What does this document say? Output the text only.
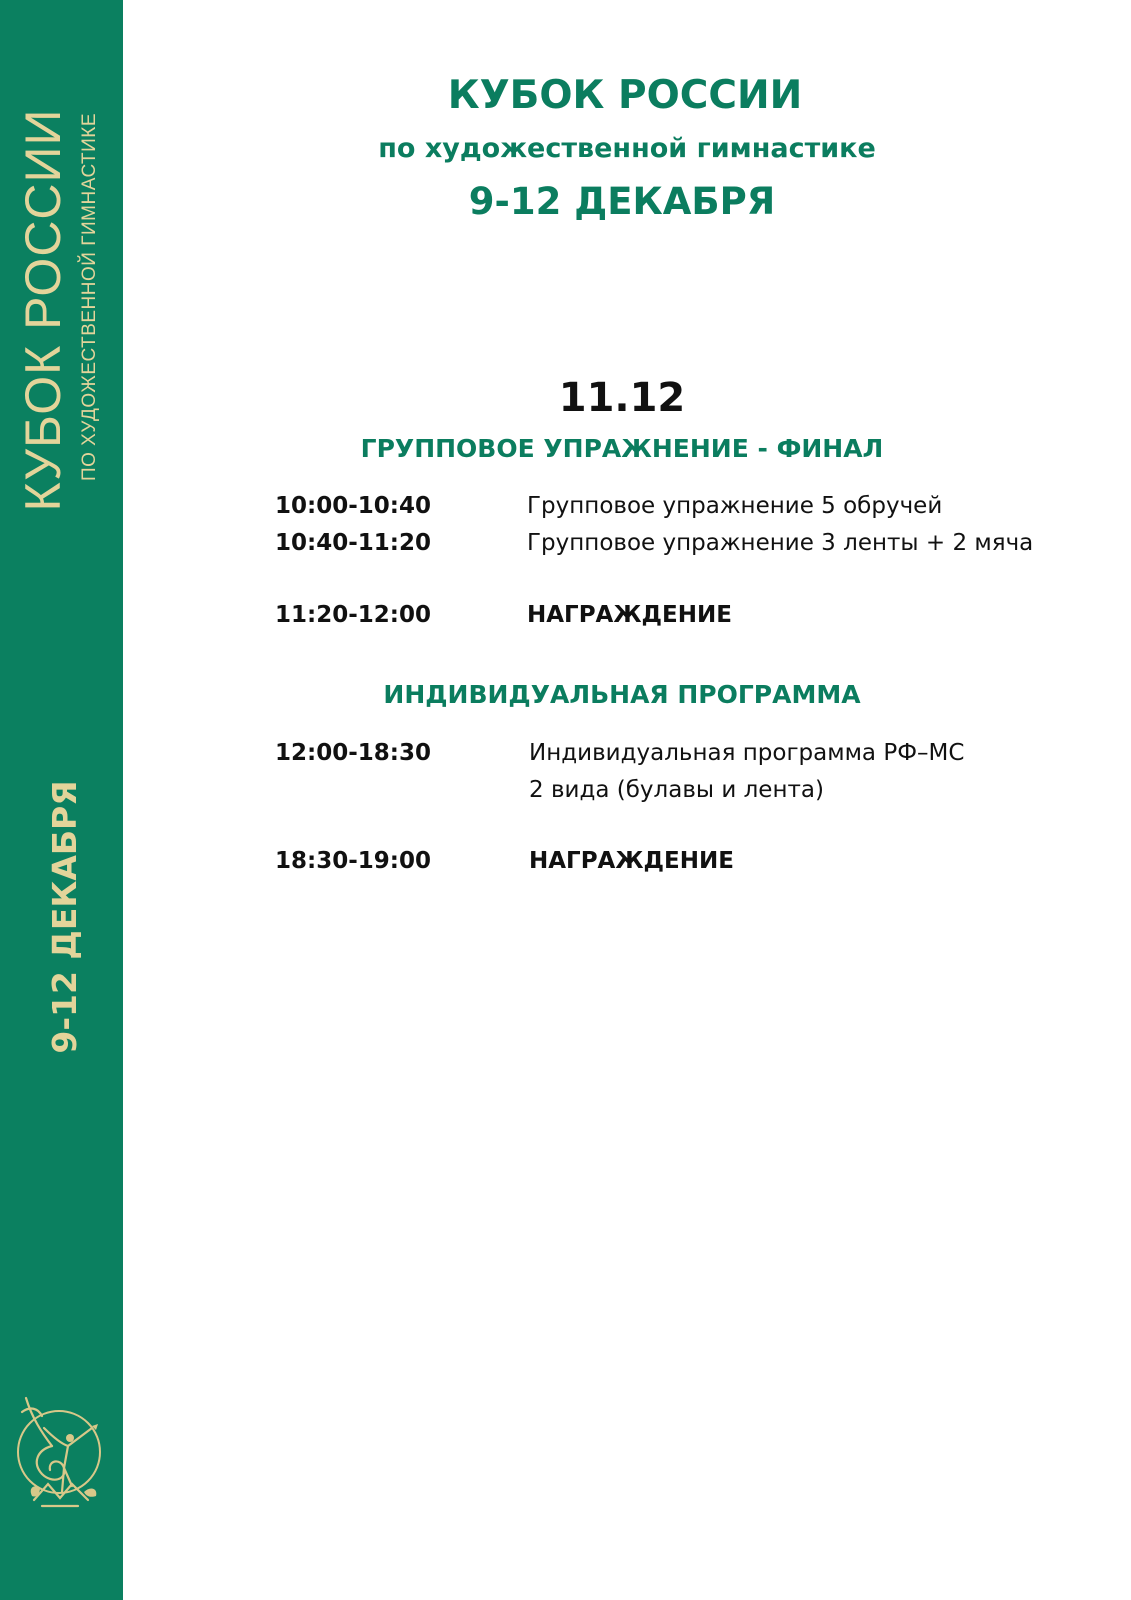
КУБОК РОССИИ ПО ХУДОЖЕСТВЕННОЙ ГИМНАСТИКЕ
9-12 ДЕКАБРЯ
КУБОК РОССИИ
по художественной гимнастике
9-12 ДЕКАБРЯ
11.12
ГРУППОВОЕ УПРАЖНЕНИЕ - ФИНАЛ
10:00-10:40	Групповое упражнение 5 обручей
10:40-11:20	Групповое упражнение 3 ленты + 2 мяча
11:20-12:00	НАГРАЖДЕНИЕ
ИНДИВИДУАЛЬНАЯ ПРОГРАММА
12:00-18:30	Индивидуальная программа РФ–МС
2 вида (булавы и лента)
18:30-19:00	НАГРАЖДЕНИЕ
